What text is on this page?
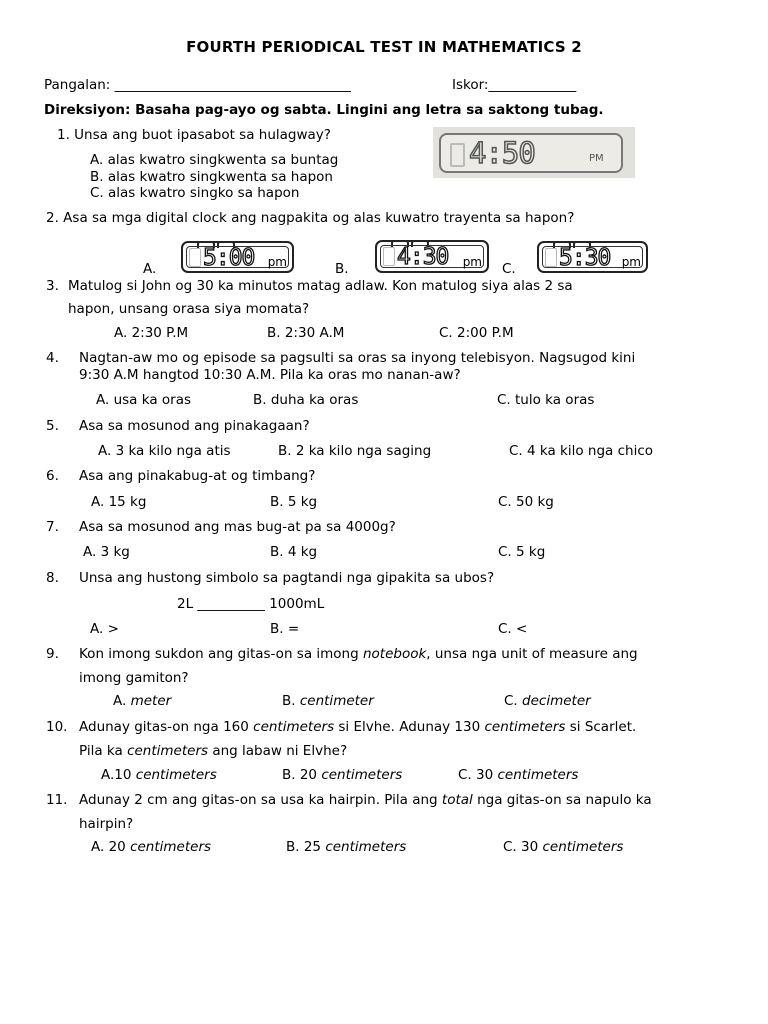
FOURTH PERIODICAL TEST IN MATHEMATICS 2
Pangalan: ___________________________________	Iskor:_____________
Direksiyon: Basaha pag-ayo og sabta. Lingini ang letra sa saktong tubag.
1. Unsa ang buot ipasabot sa hulagway?
A. alas kwatro singkwenta sa buntag
B. alas kwatro singkwenta sa hapon
C. alas kwatro singko sa hapon
4:50	PM
2. Asa sa mga digital clock ang nagpakita og alas kuwatro trayenta sa hapon?
A. 5:00 pm	B. 4:30 pm C. 5:30 pm
3. Matulog si John og 30 ka minutos matag adlaw. Kon matulog siya alas 2 sa
hapon, unsang orasa siya momata?
A. 2:30 P.M	B. 2:30 A.M	C. 2:00 P.M
4. Nagtan-aw mo og episode sa pagsulti sa oras sa inyong telebisyon. Nagsugod kini
9:30 A.M hangtod 10:30 A.M. Pila ka oras mo nanan-aw?
A. usa ka oras	B. duha ka oras	C. tulo ka oras
5. Asa sa mosunod ang pinakagaan?
A. 3 ka kilo nga atis	B. 2 ka kilo nga saging	C. 4 ka kilo nga chico
6. Asa ang pinakabug-at og timbang?
A. 15 kg	B. 5 kg	C. 50 kg
7. Asa sa mosunod ang mas bug-at pa sa 4000g?
A. 3 kg	B. 4 kg	C. 5 kg
8. Unsa ang hustong simbolo sa pagtandi nga gipakita sa ubos?
2L __________ 1000mL
A. >	B. =	C. <
9. Kon imong sukdon ang gitas-on sa imong notebook, unsa nga unit of measure ang
imong gamiton?
A. meter	B. centimeter	C. decimeter
10. Adunay gitas-on nga 160 centimeters si Elvhe. Adunay 130 centimeters si Scarlet.
Pila ka centimeters ang labaw ni Elvhe?
A.10 centimeters	B. 20 centimeters	C. 30 centimeters
11. Adunay 2 cm ang gitas-on sa usa ka hairpin. Pila ang total nga gitas-on sa napulo ka
hairpin?
A. 20 centimeters	B. 25 centimeters	C. 30 centimeters
